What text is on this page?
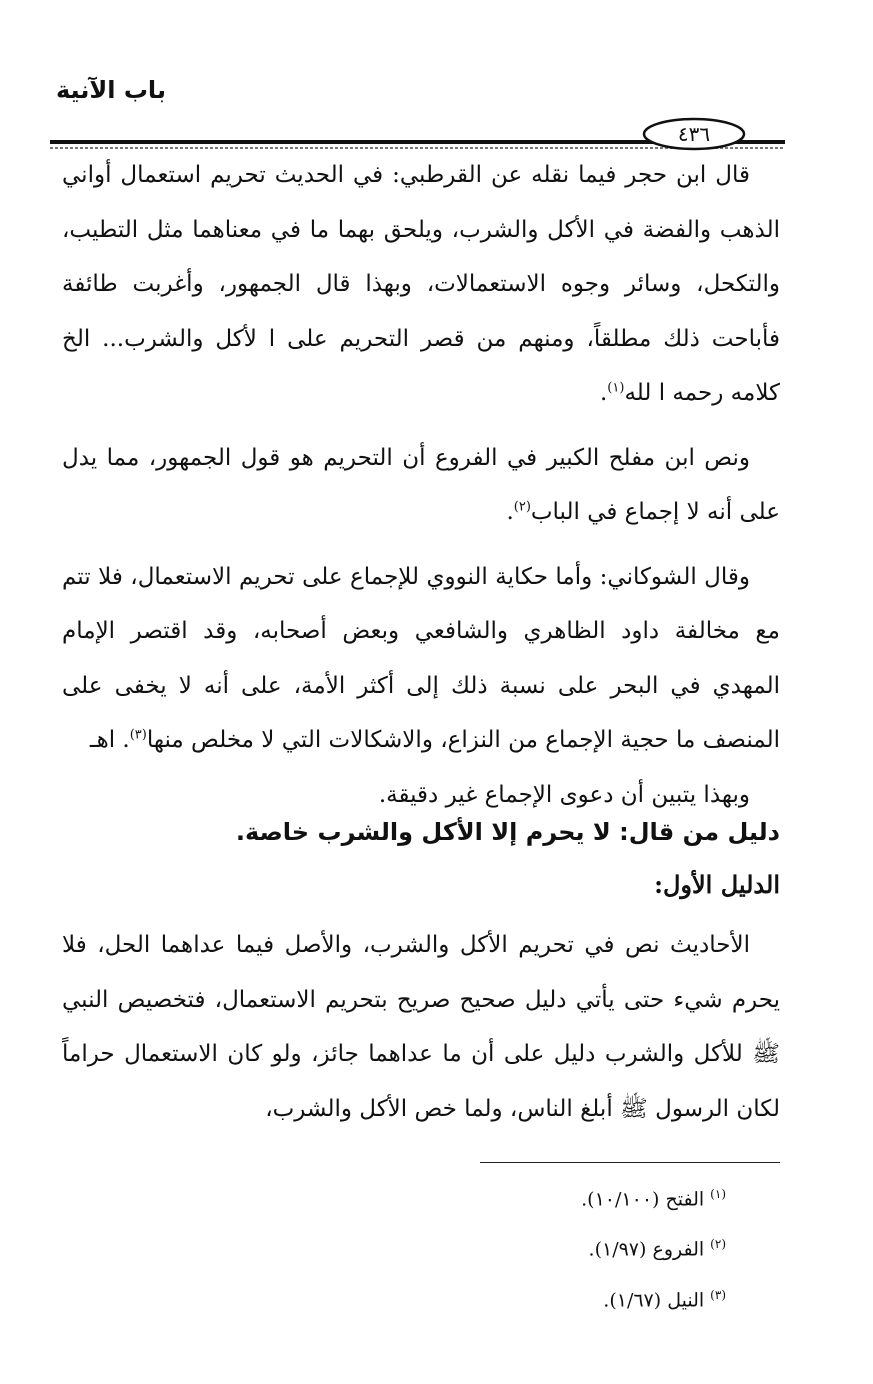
باب الآنية
٤٣٦

قال ابن حجر فيما نقله عن القرطبي: في الحديث تحريم استعمال أواني الذهب والفضة في الأكل والشرب، ويلحق بهما ما في معناهما مثل التطيب، والتكحل، وسائر وجوه الاستعمالات، وبهذا قال الجمهور، وأغربت طائفة فأباحت ذلك مطلقاً، ومنهم من قصر التحريم على ا لأكل والشرب... الخ كلامه رحمه ا لله$^{(١)}$.

ونص ابن مفلح الكبير في الفروع أن التحريم هو قول الجمهور، مما يدل على أنه لا إجماع في الباب$^{(٢)}$.

وقال الشوكاني: وأما حكاية النووي للإجماع على تحريم الاستعمال، فلا تتم مع مخالفة داود الظاهري والشافعي وبعض أصحابه، وقد اقتصر الإمام المهدي في البحر على نسبة ذلك إلى أكثر الأمة، على أنه لا يخفى على المنصف ما حجية الإجماع من النزاع، والاشكالات التي لا مخلص منها$^{(٣)}$. اهـ

وبهذا يتبين أن دعوى الإجماع غير دقيقة.

دليل من قال: لا يحرم إلا الأكل والشرب خاصة.
الدليل الأول:

الأحاديث نص في تحريم الأكل والشرب، والأصل فيما عداهما الحل، فلا يحرم شيء حتى يأتي دليل صحيح صريح بتحريم الاستعمال، فتخصيص النبي ﷺ للأكل والشرب دليل على أن ما عداهما جائز، ولو كان الاستعمال حراماً لكان الرسول ﷺ أبلغ الناس، ولما خص الأكل والشرب،

$^{(١)}$الفتح (١٠/١٠٠).

$^{(٢)}$الفروع (١/٩٧).

$^{(٣)}$النيل (١/٦٧).
